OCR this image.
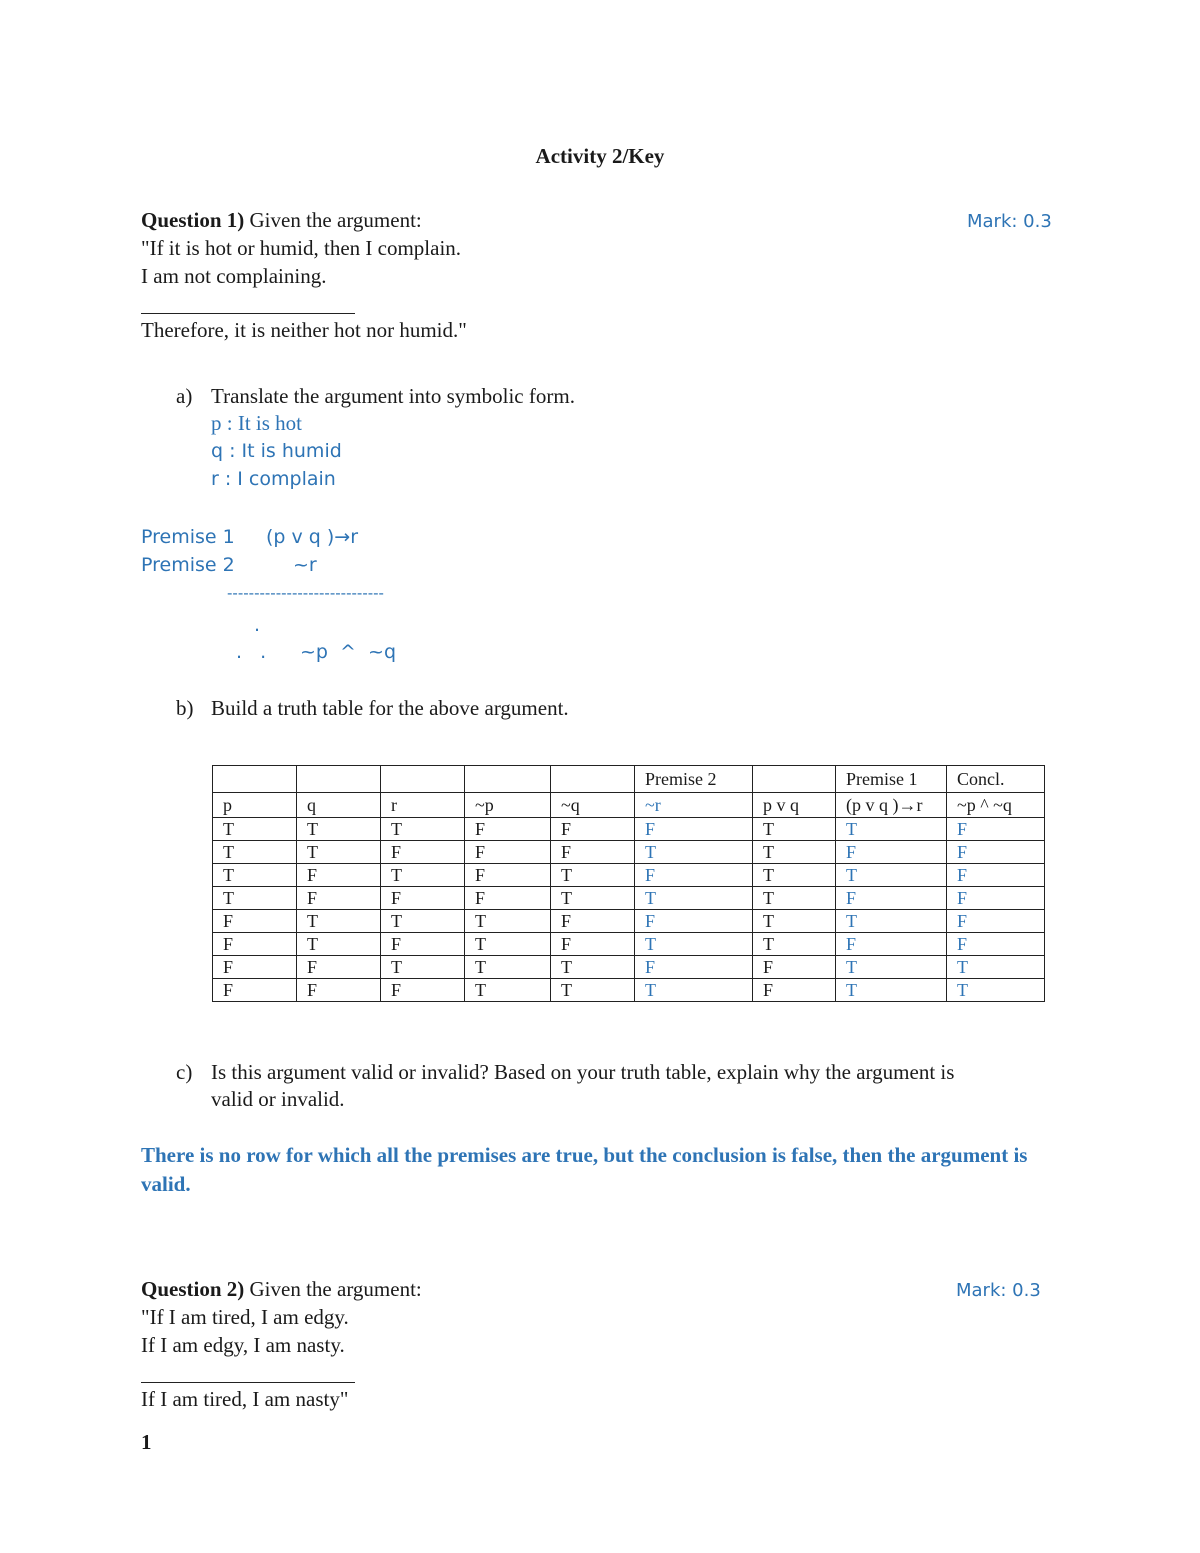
Activity 2/Key
Question 1) Given the argument:	Mark: 0.3
"If it is hot or humid, then I complain.
I am not complaining.
Therefore, it is neither hot nor humid."
a) Translate the argument into symbolic form.
p : It is hot
q : It is humid
r : I complain
Premise 1 (p v q )→r
Premise 2	~r
-----------------------------
.
.   . ~p  ^  ~q
b) Build a truth table for the above argument.
					Premise 2		Premise 1	Concl.
p	q	r	~p	~q	~r	p v q	(p v q )→r	~p ^ ~q
T	T	T	F	F	F	T	T	F
T	T	F	F	F	T	T	F	F
T	F	T	F	T	F	T	T	F
T	F	F	F	T	T	T	F	F
F	T	T	T	F	F	T	T	F
F	T	F	T	F	T	T	F	F
F	F	T	T	T	F	F	T	T
F	F	F	T	T	T	F	T	T
c) Is this argument valid or invalid? Based on your truth table, explain why the argument is
valid or invalid.
There is no row for which all the premises are true, but the conclusion is false, then the argument is valid.
Question 2) Given the argument:	Mark: 0.3
"If I am tired, I am edgy.
If I am edgy, I am nasty.
If I am tired, I am nasty"
1
